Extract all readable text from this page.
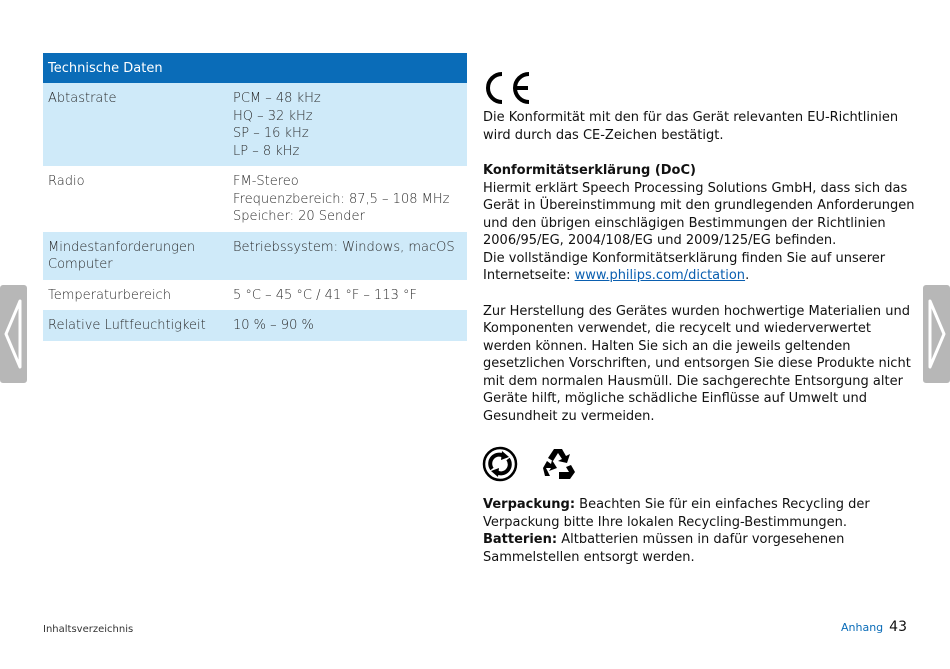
Technische Daten	
Abtastrate	PCM – 48 kHz
HQ – 32 kHz
SP – 16 kHz
LP – 8 kHz

Radio	FM-Stereo
Frequenzbereich: 87,5 – 108 MHz
Speicher: 20 Sender

Mindestanforderungen Computer	Betriebssystem: Windows, macOS

Temperaturbereich	5 °C – 45 °C / 41 °F – 113 °F

Relative Luftfeuchtigkeit	10 % – 90 %

Die Konformität mit den für das Gerät relevanten EU-Richtlinien wird durch das CE-Zeichen bestätigt.

Konformitätserklärung (DoC)

Hiermit erklärt Speech Processing Solutions GmbH, dass sich das Gerät in Übereinstimmung mit den grundlegenden Anforderungen und den übrigen einschlägigen Bestimmungen der Richtlinien 2006/95/EG, 2004/108/EG und 2009/125/EG befinden.

Die vollständige Konformitätserklärung finden Sie auf unserer Internetseite: www.philips.com/dictation.

Zur Herstellung des Gerätes wurden hochwertige Materialien und Komponenten verwendet, die recycelt und wiederverwertet werden können. Halten Sie sich an die jeweils geltenden gesetzlichen Vorschriften, und entsorgen Sie diese Produkte nicht mit dem normalen Hausmüll. Die sachgerechte Entsorgung alter Geräte hilft, mögliche schädliche Einflüsse auf Umwelt und Gesundheit zu vermeiden.

Verpackung: Beachten Sie für ein einfaches Recycling der Verpackung bitte Ihre lokalen Recycling-Bestimmungen.

Batterien: Altbatterien müssen in dafür vorgesehenen Sammelstellen entsorgt werden.

Inhaltsverzeichnis	Anhang 43
